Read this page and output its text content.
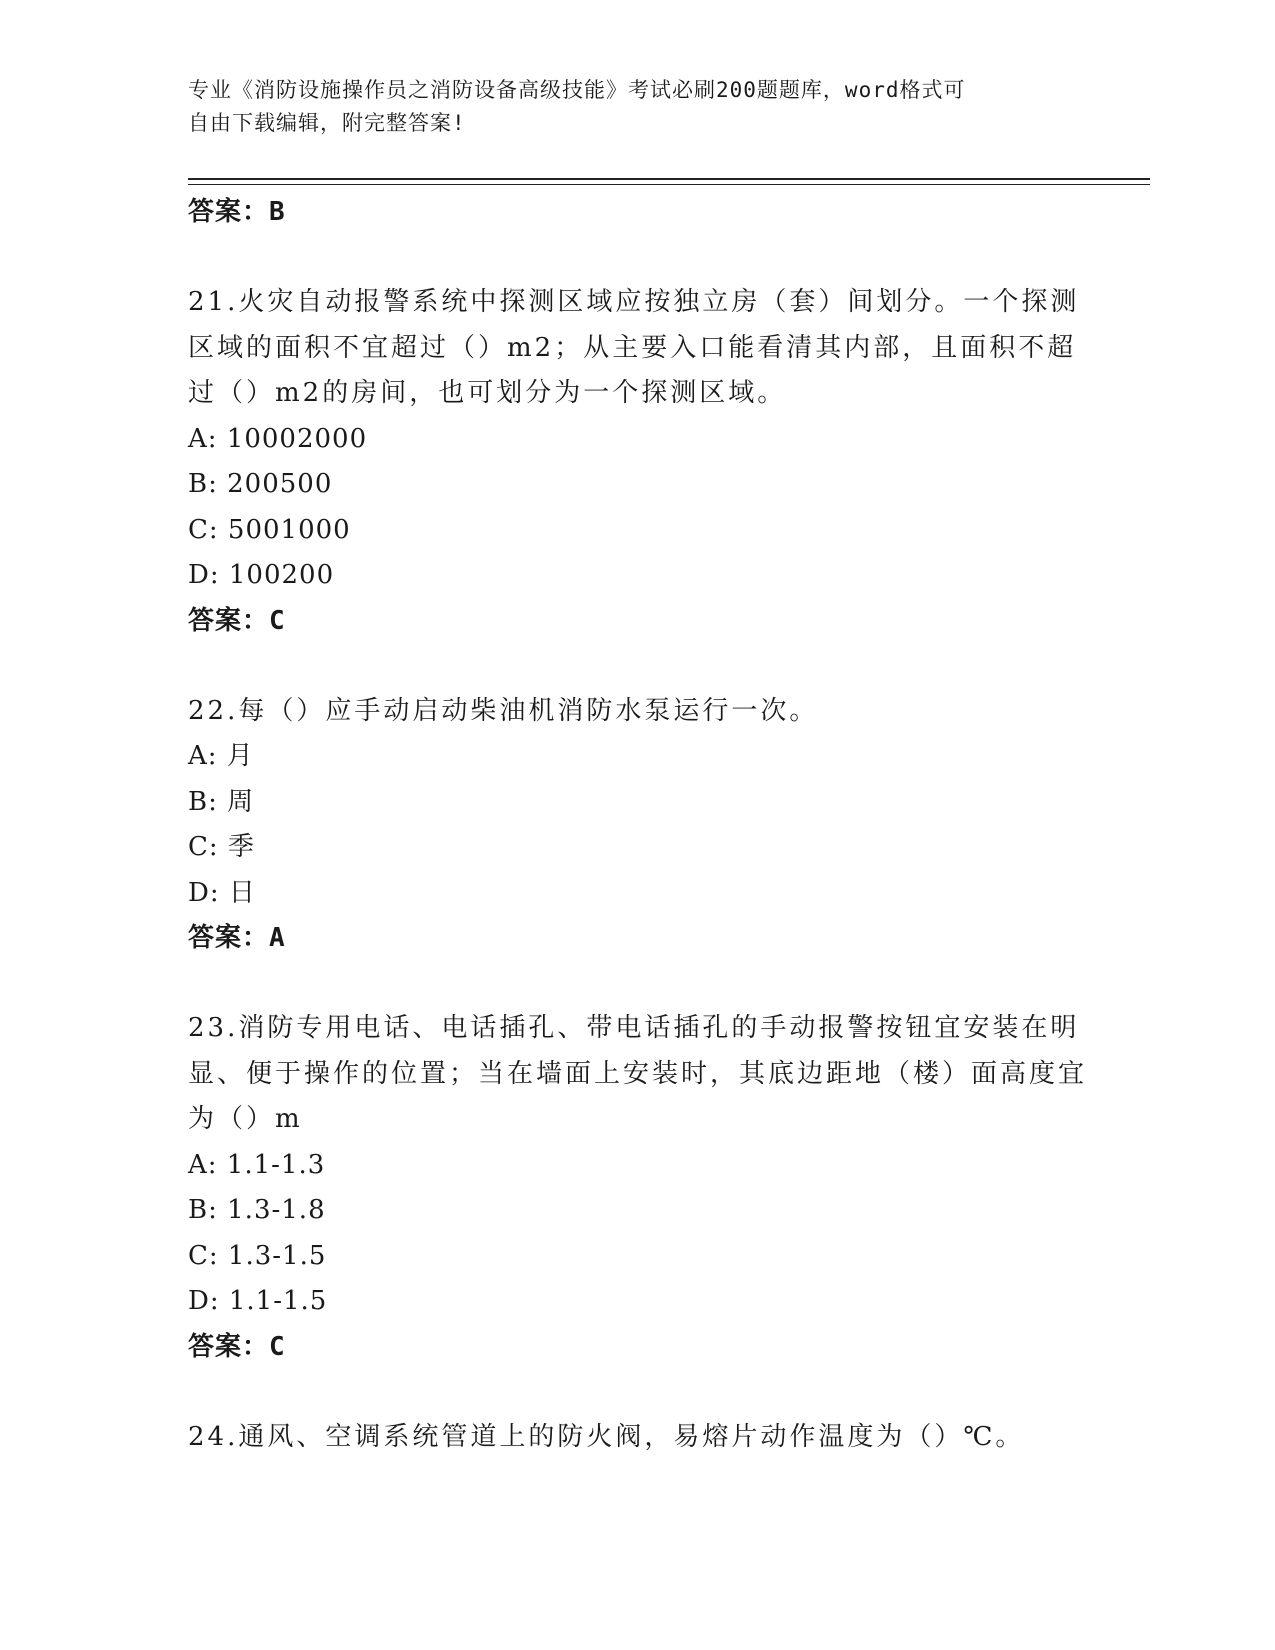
专业《消防设施操作员之消防设备高级技能》考试必刷200题题库，word格式可
自由下载编辑，附完整答案!
答案：B
21.火灾自动报警系统中探测区域应按独立房（套）间划分。一个探测区域的面积不宜超过（）m2；从主要入口能看清其内部，且面积不超过（）m2的房间，也可划分为一个探测区域。
A: 10002000
B: 200500
C: 5001000
D: 100200
答案：C
22.每（）应手动启动柴油机消防水泵运行一次。
A: 月
B: 周
C: 季
D: 日
答案：A
23.消防专用电话、电话插孔、带电话插孔的手动报警按钮宜安装在明显、便于操作的位置；当在墙面上安装时，其底边距地（楼）面高度宜为（）m
A: 1.1-1.3
B: 1.3-1.8
C: 1.3-1.5
D: 1.1-1.5
答案：C
24.通风、空调系统管道上的防火阀，易熔片动作温度为（）℃。
